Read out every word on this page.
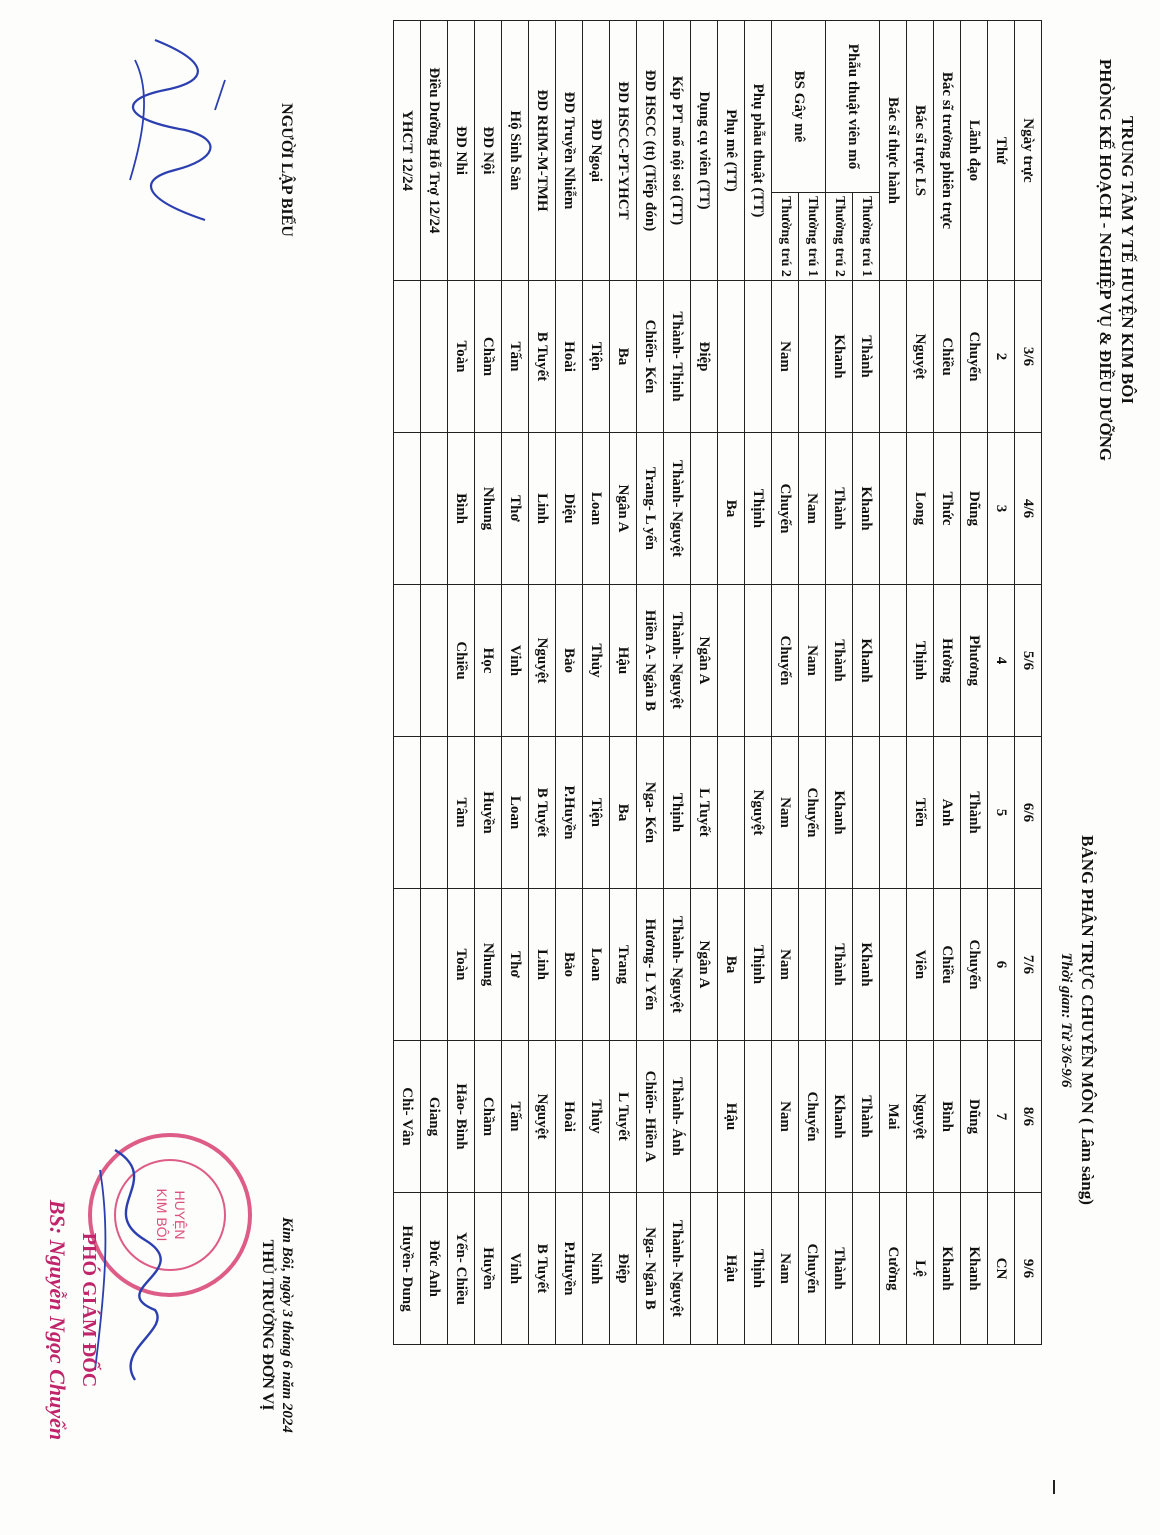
TRUNG TÂM Y TẾ HUYỆN KIM BÔI
PHÒNG KẾ HOẠCH - NGHIỆP VỤ & ĐIỀU DƯỠNG
BẢNG PHÂN TRỰC CHUYÊN MÔN ( Lâm sàng)
Thời gian: Từ 3/6-9/6
Ngày trực		3/6	4/6	5/6	6/6	7/6	8/6	9/6
Thứ		2	3	4	5	6	7	CN
Lãnh đạo		Chuyển	Dũng	Phương	Thành	Chuyển	Dũng	Khanh
Bác sĩ trưởng phiên trực		Chiều	Thức	Hường	Anh	Chiều	Bình	Khanh
Bác sĩ trực LS		Nguyệt	Long	Thịnh	Tiến	Viên	Nguyệt	Lệ
Bác sĩ thực hành							Mai	Cường
Phẫu thuật viên mổ	Thường trú 1	Thành	Khanh	Khanh		Khanh	Thành	
	Thường trú 2	Khanh	Thành	Thành	Khanh	Thành	Khanh	Thành
BS Gây mê	Thường trú 1		Nam	Nam	Chuyển		Chuyển	Chuyển
	Thường trú 2	Nam	Chuyển	Chuyển	Nam	Nam	Nam	Nam
Phụ phẫu thuật (TT)			Thịnh		Nguyệt	Thịnh		Thịnh
Phụ mê (TT)			Ba			Ba	Hậu	Hậu
Dụng cụ viên (TT)		Điệp		Ngân A	L Tuyết	Ngân A		
Kíp PT mổ nội soi (TT)		Thành- Thịnh	Thành- Nguyệt	Thành- Nguyệt	Thịnh	Thành- Nguyệt	Thành- Ánh	Thành- Nguyệt
ĐD HSCC (tt) (Tiếp đón)		Chiến- Kén	Trang- L yến	Hiền A- Ngân B	Nga- Kén	Hương- L Yến	Chiến- Hiền A	Nga- Ngân B
ĐD HSCC-PT-YHCT		Ba	Ngân A	Hậu	Ba	Trang	L Tuyết	Điệp
ĐD Ngoại		Tiện	Loan	Thủy	Tiện	Loan	Thủy	Ninh
ĐD Truyền Nhiễm		Hoài	Diệu	Bảo	P.Huyền	Bảo	Hoài	P.Huyền
ĐD RHM-M-TMH		B Tuyết	Linh	Nguyệt	B Tuyết	Linh	Nguyệt	B Tuyết
Hộ Sinh Sản		Tấm	Thơ	Vinh	Loan	Thơ	Tấm	Vinh
ĐD Nội		Chầm	Nhung	Học	Huyền	Nhung	Chầm	Huyền
ĐD Nhi		Toàn	Bình	Chiều	Tâm	Toàn	Hảo- Bình	Yến- Chiều
Điều Dưỡng Hỗ Trợ 12/24							Giang	Đức Anh
YHCT 12/24							Chi- Vân	Huyền- Dung
NGƯỜI LẬP BIỂU
Kim Bôi, ngày 3 tháng 6 năm 2024
THỦ TRƯỞNG ĐƠN VỊ
HUYỆN
KIM BÔI
PHÓ GIÁM ĐỐC
BS: Nguyễn Ngọc Chuyển
